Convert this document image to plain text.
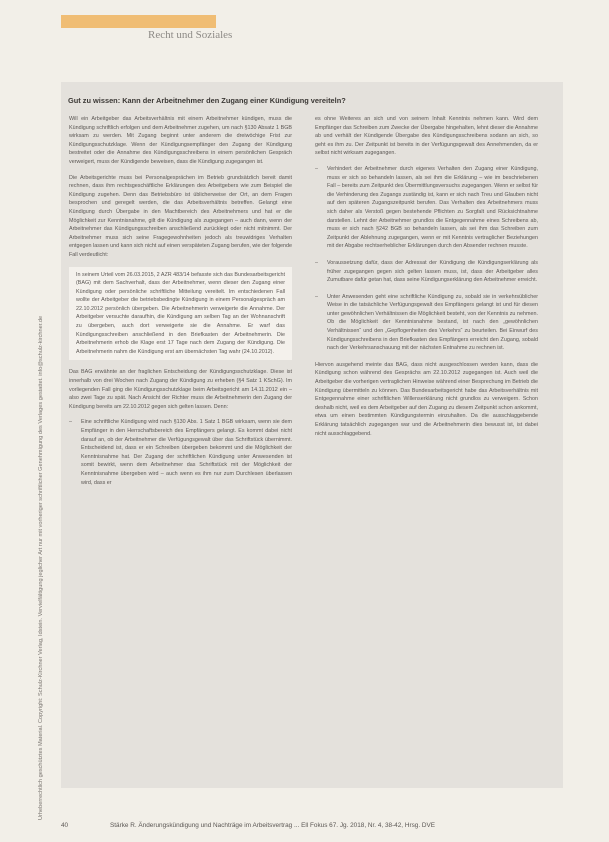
Urheberrechtlich geschütztes Material. Copyright: Schulz-Kirchner Verlag, Idstein. Vervielfältigung jeglicher Art nur mit vorheriger schriftlicher Genehmigung des Verlages gestattet. info@schulz-kirchner.de
Recht und Soziales
Gut zu wissen: Kann der Arbeitnehmer den Zugang einer Kündigung vereiteln?

Will ein Arbeitgeber das Arbeitsverhältnis mit einem Arbeitnehmer kündigen, muss die Kündigung schriftlich erfolgen und dem Arbeitnehmer zugehen, um nach §130 Absatz 1 BGB wirksam zu werden. Mit Zugang beginnt unter anderem die dreiwöchige Frist zur Kündigungsschutzklage. Wenn der Kündigungsempfänger den Zugang der Kündigung bestreitet oder die Annahme des Kündigungsschreibens in einem persönlichen Gespräch verweigert, muss der Kündigende beweisen, dass die Kündigung zugegangen ist.

Die Arbeitsgerichte muss bei Personalgesprächen im Betrieb grundsätzlich bereit damit rechnen, dass ihm rechtsgeschäftliche Erklärungen des Arbeitgebers wie zum Beispiel die Kündigung zugehen. Denn das Betriebsbüro ist üblicherweise der Ort, an dem Fragen besprochen und geregelt werden, die das Arbeitsverhältnis betreffen. Gelangt eine Kündigung durch Übergabe in den Machtbereich des Arbeitnehmers und hat er die Möglichkeit zur Kenntnisnahme, gilt die Kündigung als zugegangen – auch dann, wenn der Arbeitnehmer das Kündigungsschreiben anschließend zurücklegt oder nicht mitnimmt. Der Arbeitnehmer muss sich seine Fragegewohnheiten jedoch als treuwidriges Verhalten entgegen lassen und kann sich nicht auf einen verspäteten Zugang berufen, wie der folgende Fall verdeutlicht:

In seinem Urteil vom 26.03.2015, 2 AZR 483/14 befasste sich das Bundesarbeitsgericht (BAG) mit dem Sachverhalt, dass der Arbeitnehmer, wenn dieser den Zugang einer Kündigung oder persönliche schriftliche Mitteilung vereitelt. Im entschiedenen Fall wollte der Arbeitgeber die betriebsbedingte Kündigung in einem Personalgespräch am 22.10.2012 persönlich übergeben. Die Arbeitnehmerin verweigerte die Annahme. Der Arbeitgeber versuchte daraufhin, die Kündigung am selben Tag an der Wohnanschrift zu übergeben, auch dort verweigerte sie die Annahme. Er warf das Kündigungsschreiben anschließend in den Briefkasten der Arbeitnehmerin. Die Arbeitnehmerin erhob die Klage erst 17 Tage nach dem Zugang der Kündigung. Die Arbeitnehmerin nahm die Kündigung erst am übernächsten Tag wahr (24.10.2012).

Das BAG erwähnte an der fraglichen Entscheidung der Kündigungsschutzklage. Diese ist innerhalb von drei Wochen nach Zugang der Kündigung zu erheben (§4 Satz 1 KSchG). Im vorliegenden Fall ging die Kündigungsschutzklage beim Arbeitsgericht am 14.11.2012 ein – also zwei Tage zu spät. Nach Ansicht der Richter muss die Arbeitnehmerin den Zugang der Kündigung bereits am 22.10.2012 gegen sich gelten lassen. Denn:

–	Eine schriftliche Kündigung wird nach §130 Abs. 1 Satz 1 BGB wirksam, wenn sie dem Empfänger in den Herrschaftsbereich des Empfängers gelangt. Es kommt dabei nicht darauf an, ob der Arbeitnehmer die Verfügungsgewalt über das Schriftstück übernimmt. Entscheidend ist, dass er ein Schreiben übergeben bekommt und die Möglichkeit der Kenntnisnahme hat. Der Zugang der schriftlichen Kündigung unter Anwesenden ist somit bewirkt, wenn dem Arbeitnehmer das Schriftstück mit der Möglichkeit der Kenntnisnahme übergeben wird – auch wenn es ihm nur zum Durchlesen überlassen wird, dass er

es ohne Weiteres an sich und von seinem Inhalt Kenntnis nehmen kann. Wird dem Empfänger das Schreiben zum Zwecke der Übergabe hingehalten, lehnt dieser die Annahme ab und verhält der Kündigende Übergabe des Kündigungsschreibens sodann an sich, so geht es ihm zu. Der Zeitpunkt ist bereits in der Verfügungsgewalt des Annehmenden, da er selbst nicht wirksam zugegangen.

–	Verhindert der Arbeitnehmer durch eigenes Verhalten den Zugang einer Kündigung, muss er sich so behandeln lassen, als sei ihm die Erklärung – wie im beschriebenen Fall – bereits zum Zeitpunkt des Übermittlungsversuchs zugegangen. Wenn er selbst für die Verhinderung des Zugangs zuständig ist, kann er sich nach Treu und Glauben nicht auf den späteren Zugangszeitpunkt berufen. Das Verhalten des Arbeitnehmers muss sich daher als Verstoß gegen bestehende Pflichten zu Sorgfalt und Rücksichtnahme darstellen. Lehnt der Arbeitnehmer grundlos die Entgegennahme eines Schreibens ab, muss er sich nach §242 BGB so behandeln lassen, als sei ihm das Schreiben zum Zeitpunkt der Ablehnung zugegangen, wenn er mit Kenntnis vertraglicher Beziehungen mit der Abgabe rechtserheblicher Erklärungen durch den Absender rechnen musste.
–	Voraussetzung dafür, dass der Adressat der Kündigung die Kündigungserklärung als früher zugegangen gegen sich gelten lassen muss, ist, dass der Arbeitgeber alles Zumutbare dafür getan hat, dass seine Kündigungserklärung den Arbeitnehmer erreicht.
–	Unter Anwesenden geht eine schriftliche Kündigung zu, sobald sie in verkehrsüblicher Weise in die tatsächliche Verfügungsgewalt des Empfängers gelangt ist und für diesen unter gewöhnlichen Verhältnissen die Möglichkeit besteht, von der Kenntnis zu nehmen. Ob die Möglichkeit der Kenntnisnahme bestand, ist nach den „gewöhnlichen Verhältnissen“ und den „Gepflogenheiten des Verkehrs“ zu beurteilen. Bei Einwurf des Kündigungsschreibens in den Briefkasten des Empfängers erreicht den Zugang, sobald nach der Verkehrsanschauung mit der nächsten Entnahme zu rechnen ist.

Hiervon ausgehend meinte das BAG, dass nicht ausgeschlossen werden kann, dass die Kündigung schon während des Gesprächs am 22.10.2012 zugegangen ist. Auch weil die Arbeitgeber die vorherigen vertraglichen Hinweise während einer Besprechung im Betrieb die Kündigung übermitteln zu können. Das Bundesarbeitsgericht habe das Arbeitsverhältnis mit Entgegennahme einer schriftlichen Willenserklärung nicht grundlos zu verweigern. Schon deshalb nicht, weil es dem Arbeitgeber auf den Zugang zu diesem Zeitpunkt schon ankommt, etwa um einen bestimmten Kündigungstermin einzuhalten. Da die ausschlaggebende Erklärung tatsächlich zugegangen war und die Arbeitnehmerin dies bewusst ist, ist dabei nicht ausschlaggebend.

40	Stärke R. Änderungskündigung und Nachträge im Arbeitsvertrag ... Ell Fokus 67. Jg. 2018, Nr. 4, 38-42, Hrsg. DVE
